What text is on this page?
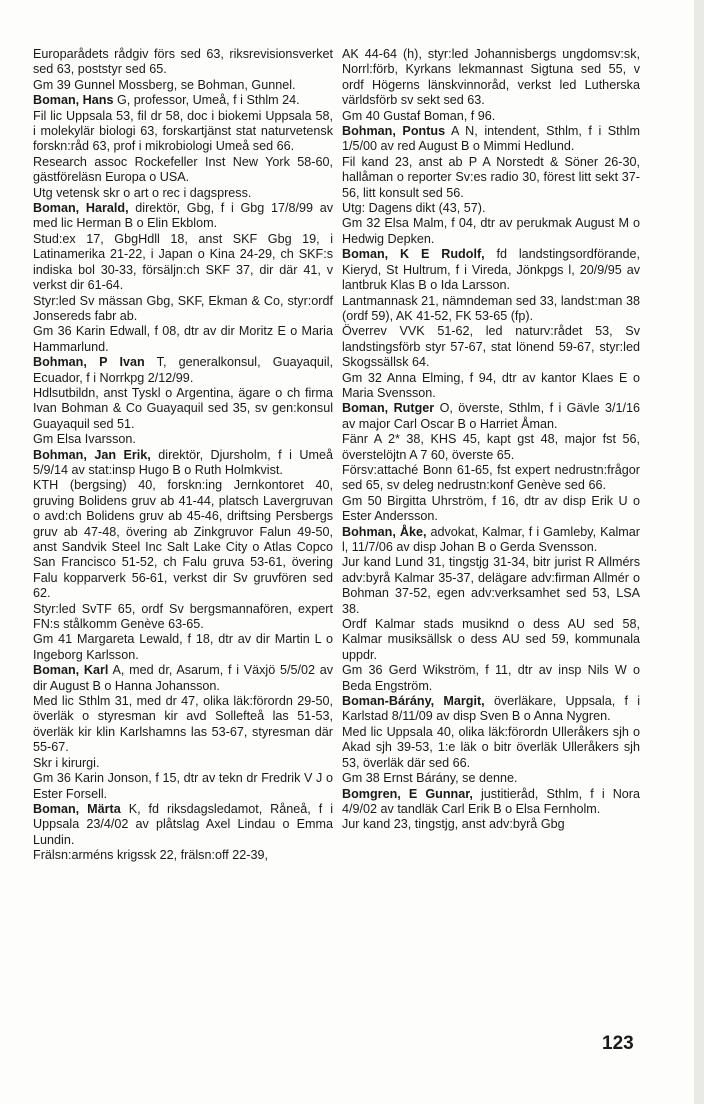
Europarådets rådgiv förs sed 63, riksrevisionsverket sed 63, poststyr sed 65.

Gm 39 Gunnel Mossberg, se Bohman, Gunnel.

Boman, Hans G, professor, Umeå, f i Sthlm 24.

Fil lic Uppsala 53, fil dr 58, doc i biokemi Uppsala 58, i molekylär biologi 63, forskartjänst stat naturvetensk forskn:råd 63, prof i mikrobiologi Umeå sed 66.

Research assoc Rockefeller Inst New York 58-60, gästföreläsn Europa o USA.

Utg vetensk skr o art o rec i dagspress.

Boman, Harald, direktör, Gbg, f i Gbg 17/8/99 av med lic Herman B o Elin Ekblom.

Stud:ex 17, GbgHdll 18, anst SKF Gbg 19, i Latinamerika 21-22, i Japan o Kina 24-29, ch SKF:s indiska bol 30-33, försäljn:ch SKF 37, dir där 41, v verkst dir 61-64.

Styr:led Sv mässan Gbg, SKF, Ekman & Co, styr:ordf Jonsereds fabr ab.

Gm 36 Karin Edwall, f 08, dtr av dir Moritz E o Maria Hammarlund.

Bohman, P Ivan T, generalkonsul, Guayaquil, Ecuador, f i Norrkpg 2/12/99.

Hdlsutbildn, anst Tyskl o Argentina, ägare o ch firma Ivan Bohman & Co Guayaquil sed 35, sv gen:konsul Guayaquil sed 51.

Gm Elsa Ivarsson.

Bohman, Jan Erik, direktör, Djursholm, f i Umeå 5/9/14 av stat:insp Hugo B o Ruth Holmkvist.

KTH (bergsing) 40, forskn:ing Jernkontoret 40, gruving Bolidens gruv ab 41-44, platsch Lavergruvan o avd:ch Bolidens gruv ab 45-46, driftsing Persbergs gruv ab 47-48, övering ab Zinkgruvor Falun 49-50, anst Sandvik Steel Inc Salt Lake City o Atlas Copco San Francisco 51-52, ch Falu gruva 53-61, övering Falu kopparverk 56-61, verkst dir Sv gruvfören sed 62.

Styr:led SvTF 65, ordf Sv bergsmannafören, expert FN:s stålkomm Genève 63-65.

Gm 41 Margareta Lewald, f 18, dtr av dir Martin L o Ingeborg Karlsson.

Boman, Karl A, med dr, Asarum, f i Växjö 5/5/02 av dir August B o Hanna Johansson.

Med lic Sthlm 31, med dr 47, olika läk:förordn 29-50, överläk o styresman kir avd Sollefteå las 51-53, överläk kir klin Karlshamns las 53-67, styresman där 55-67.

Skr i kirurgi.

Gm 36 Karin Jonson, f 15, dtr av tekn dr Fredrik V J o Ester Forsell.

Boman, Märta K, fd riksdagsledamot, Råneå, f i Uppsala 23/4/02 av plåtslag Axel Lindau o Emma Lundin.

Frälsn:arméns krigssk 22, frälsn:off 22-39,

AK 44-64 (h), styr:led Johannisbergs ungdomsv:sk, Norrl:förb, Kyrkans lekmannast Sigtuna sed 55, v ordf Högerns länskvinnoråd, verkst led Lutherska världsförb sv sekt sed 63.

Gm 40 Gustaf Boman, f 96.

Bohman, Pontus A N, intendent, Sthlm, f i Sthlm 1/5/00 av red August B o Mimmi Hedlund.

Fil kand 23, anst ab P A Norstedt & Söner 26-30, hallåman o reporter Sv:es radio 30, förest litt sekt 37-56, litt konsult sed 56.

Utg: Dagens dikt (43, 57).

Gm 32 Elsa Malm, f 04, dtr av perukmak August M o Hedwig Depken.

Boman, K E Rudolf, fd landstingsordförande, Kieryd, St Hultrum, f i Vireda, Jönkpgs l, 20/9/95 av lantbruk Klas B o Ida Larsson.

Lantmannask 21, nämndeman sed 33, landst:man 38 (ordf 59), AK 41-52, FK 53-65 (fp).

Överrev VVK 51-62, led naturv:rådet 53, Sv landstingsförb styr 57-67, stat lönend 59-67, styr:led Skogssällsk 64.

Gm 32 Anna Elming, f 94, dtr av kantor Klaes E o Maria Svensson.

Boman, Rutger O, överste, Sthlm, f i Gävle 3/1/16 av major Carl Oscar B o Harriet Åman.

Fänr A 2* 38, KHS 45, kapt gst 48, major fst 56, överstelöjtn A 7 60, överste 65.

Försv:attaché Bonn 61-65, fst expert nedrustn:frågor sed 65, sv deleg nedrustn:konf Genève sed 66.

Gm 50 Birgitta Uhrström, f 16, dtr av disp Erik U o Ester Andersson.

Bohman, Åke, advokat, Kalmar, f i Gamleby, Kalmar l, 11/7/06 av disp Johan B o Gerda Svensson.

Jur kand Lund 31, tingstjg 31-34, bitr jurist R Allmérs adv:byrå Kalmar 35-37, delägare adv:firman Allmér o Bohman 37-52, egen adv:verksamhet sed 53, LSA 38.

Ordf Kalmar stads musiknd o dess AU sed 58, Kalmar musiksällsk o dess AU sed 59, kommunala uppdr.

Gm 36 Gerd Wikström, f 11, dtr av insp Nils W o Beda Engström.

Boman-Bárány, Margit, överläkare, Uppsala, f i Karlstad 8/11/09 av disp Sven B o Anna Nygren.

Med lic Uppsala 40, olika läk:förordn Ulleråkers sjh o Akad sjh 39-53, 1:e läk o bitr överläk Ulleråkers sjh 53, överläk där sed 66.

Gm 38 Ernst Bárány, se denne.

Bomgren, E Gunnar, justitieråd, Sthlm, f i Nora 4/9/02 av tandläk Carl Erik B o Elsa Fernholm.

Jur kand 23, tingstjg, anst adv:byrå Gbg

123
